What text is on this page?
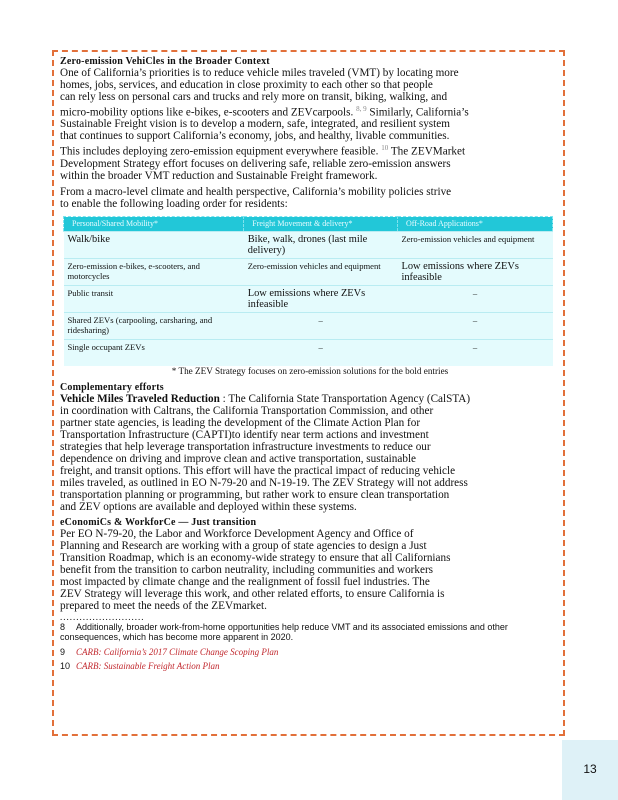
Zero-emission VehiCles in the Broader Context

One of California’s priorities is to reduce vehicle miles traveled (VMT) by locating more
homes, jobs, services, and education in close proximity to each other so that people
can rely less on personal cars and trucks and rely more on transit, biking, walking, and
micro-mobility options like e-bikes, e-scooters and ZEVcarpools. $^{8, 9}$ Similarly, California’s
Sustainable Freight vision is to develop a modern, safe, integrated, and resilient system
that continues to support California’s economy, jobs, and healthy, livable communities.
This includes deploying zero-emission equipment everywhere feasible. $^{10}$ The ZEVMarket
Development Strategy effort focuses on delivering safe, reliable zero-emission answers
within the broader VMT reduction and Sustainable Freight framework.

From a macro-level climate and health perspective, California’s mobility policies strive
to enable the following loading order for residents:

Personal/Shared Mobility*	Freight Movement & delivery*	Off-Road Applications*
Walk/bike	Bike, walk, drones (last mile delivery)	Zero-emission vehicles and equipment
Zero-emission e-bikes, e-scooters, and motorcycles	Zero-emission vehicles and equipment	Low emissions where ZEVs infeasible
Public transit	Low emissions where ZEVs infeasible	–
Shared ZEVs (carpooling, carsharing, and ridesharing)	–	–
Single occupant ZEVs	–	–

* The ZEV Strategy focuses on zero-emission solutions for the bold entries

Complementary efforts

Vehicle Miles Traveled Reduction : The California State Transportation Agency (CalSTA)
in coordination with Caltrans, the California Transportation Commission, and other
partner state agencies, is leading the development of the Climate Action Plan for
Transportation Infrastructure (CAPTI)to identify near term actions and investment
strategies that help leverage transportation infrastructure investments to reduce our
dependence on driving and improve clean and active transportation, sustainable
freight, and transit options. This effort will have the practical impact of reducing vehicle
miles traveled, as outlined in EO N-79-20 and N-19-19. The ZEV Strategy will not address
transportation planning or programming, but rather work to ensure clean transportation
and ZEV options are available and deployed within these systems.

eConomiCs & WorkforCe — Just transition

Per EO N-79-20, the Labor and Workforce Development Agency and Office of
Planning and Research are working with a group of state agencies to design a Just
Transition Roadmap, which is an economy-wide strategy to ensure that all Californians
benefit from the transition to carbon neutrality, including communities and workers
most impacted by climate change and the realignment of fossil fuel industries. The
ZEV Strategy will leverage this work, and other related efforts, to ensure California is
prepared to meet the needs of the ZEVmarket.

..........................

8 Additionally, broader work-from-home opportunities help reduce VMT and its associated emissions and other consequences, which has become more apparent in 2020.

9 CARB: California’s 2017 Climate Change Scoping Plan

10 CARB: Sustainable Freight Action Plan

13
